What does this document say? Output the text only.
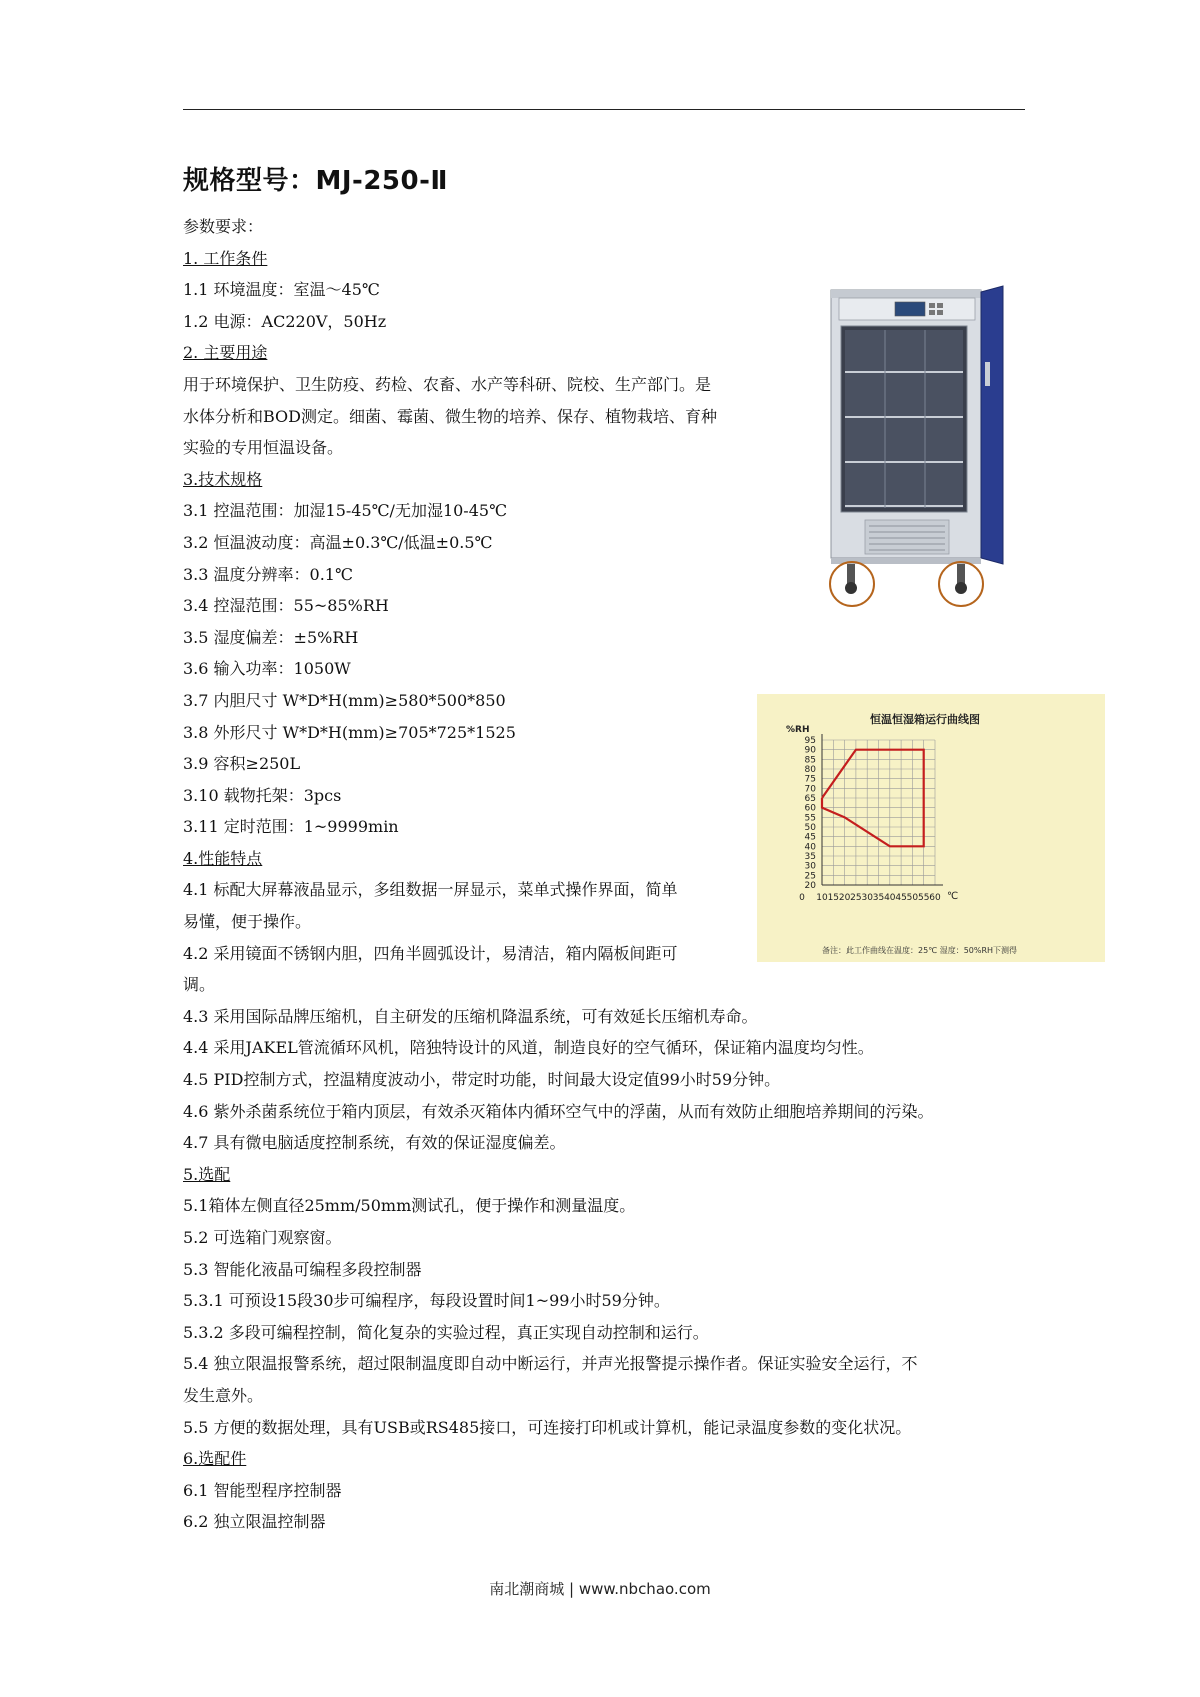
规格型号：MJ-250-Ⅱ
参数要求：
1. 工作条件
1.1 环境温度：室温～45℃
1.2 电源：AC220V，50Hz
2. 主要用途
用于环境保护、卫生防疫、药检、农畜、水产等科研、院校、生产部门。是
水体分析和BOD测定。细菌、霉菌、微生物的培养、保存、植物栽培、育种
实验的专用恒温设备。
3.技术规格
3.1 控温范围：加湿15-45℃/无加湿10-45℃
3.2 恒温波动度：高温±0.3℃/低温±0.5℃
3.3 温度分辨率：0.1℃
3.4 控湿范围：55~85%RH
3.5 湿度偏差：±5%RH
3.6 输入功率：1050W
3.7 内胆尺寸 W*D*H(mm)≥580*500*850
3.8 外形尺寸 W*D*H(mm)≥705*725*1525
3.9 容积≥250L
3.10 载物托架：3pcs
3.11 定时范围：1~9999min
4.性能特点
4.1 标配大屏幕液晶显示，多组数据一屏显示，菜单式操作界面，简单
易懂，便于操作。
4.2 采用镜面不锈钢内胆，四角半圆弧设计，易清洁，箱内隔板间距可
调。
4.3 采用国际品牌压缩机，自主研发的压缩机降温系统，可有效延长压缩机寿命。
4.4 采用JAKEL管流循环风机，陪独特设计的风道，制造良好的空气循环，保证箱内温度均匀性。
4.5 PID控制方式，控温精度波动小，带定时功能，时间最大设定值99小时59分钟。
4.6 紫外杀菌系统位于箱内顶层，有效杀灭箱体内循环空气中的浮菌，从而有效防止细胞培养期间的污染。
4.7 具有微电脑适度控制系统，有效的保证湿度偏差。
5.选配
5.1箱体左侧直径25mm/50mm测试孔，便于操作和测量温度。
5.2 可选箱门观察窗。
5.3 智能化液晶可编程多段控制器
5.3.1 可预设15段30步可编程序，每段设置时间1~99小时59分钟。
5.3.2 多段可编程控制，简化复杂的实验过程，真正实现自动控制和运行。
5.4 独立限温报警系统，超过限制温度即自动中断运行，并声光报警提示操作者。保证实验安全运行，不
发生意外。
5.5 方便的数据处理，具有USB或RS485接口，可连接打印机或计算机，能记录温度参数的变化状况。
6.选配件
6.1 智能型程序控制器
6.2 独立限温控制器
恒温恒湿箱运行曲线图
20
25
30
35
40
45
50
55
60
65
70
75
80
85
90
95
0 10 15 20 25 30 35 40 45 50 55 60
%RH
℃
备注：此工作曲线在温度：25℃ 湿度：50%RH下测得
南北潮商城 | www.nbchao.com
